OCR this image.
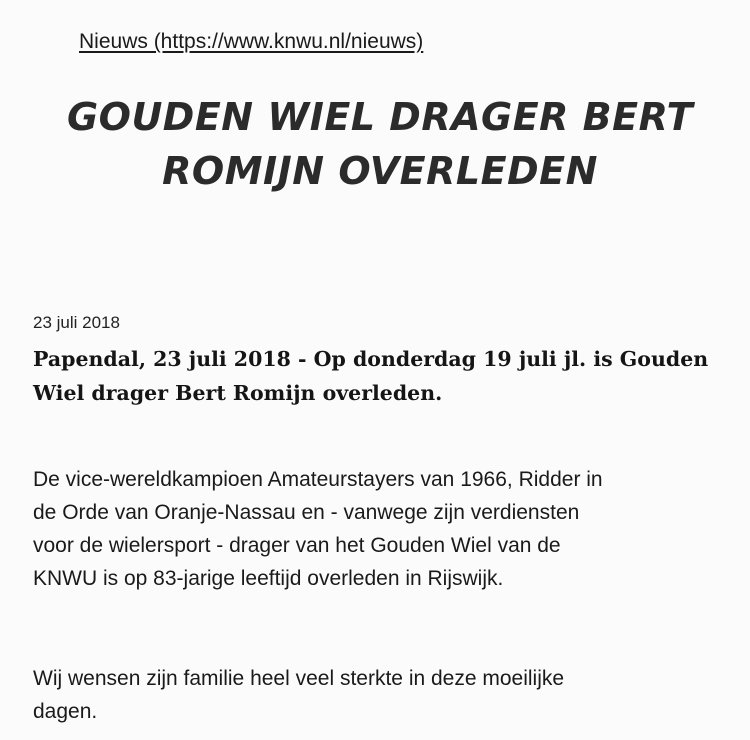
Nieuws (https://www.knwu.nl/nieuws)
GOUDEN WIEL DRAGER BERT
ROMIJN OVERLEDEN
23 juli 2018

Papendal, 23 juli 2018 - Op donderdag 19 juli jl. is Gouden
Wiel drager Bert Romijn overleden.

De vice-wereldkampioen Amateurstayers van 1966, Ridder in
de Orde van Oranje-Nassau en - vanwege zijn verdiensten
voor de wielersport - drager van het Gouden Wiel van de
KNWU is op 83-jarige leeftijd overleden in Rijswijk.

Wij wensen zijn familie heel veel sterkte in deze moeilijke
dagen.
